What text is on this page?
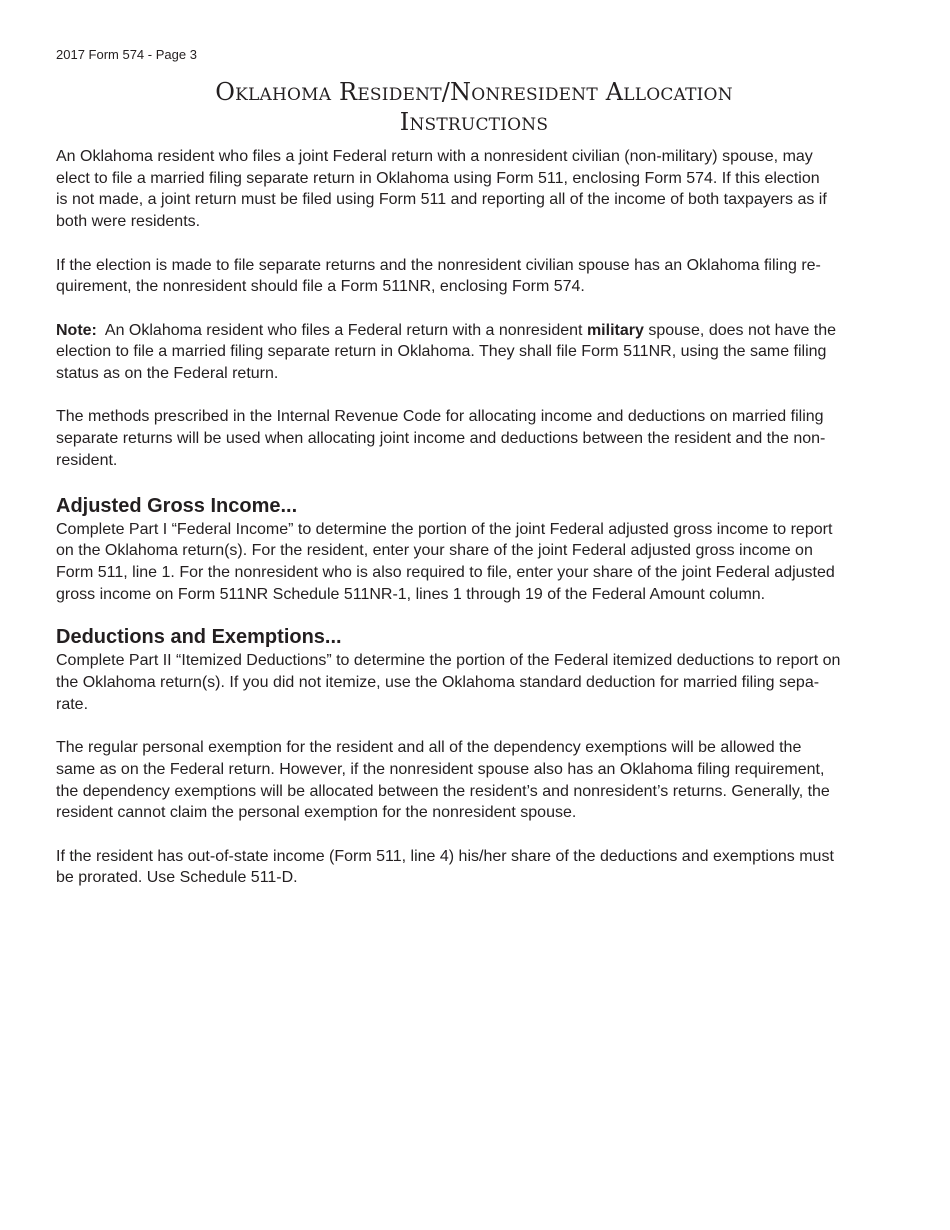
2017 Form 574 - Page 3
Oklahoma Resident/Nonresident Allocation
Instructions
An Oklahoma resident who files a joint Federal return with a nonresident civilian (non-military) spouse, may
elect to file a married filing separate return in Oklahoma using Form 511, enclosing Form 574. If this election
is not made, a joint return must be filed using Form 511 and reporting all of the income of both taxpayers as if
both were residents.
If the election is made to file separate returns and the nonresident civilian spouse has an Oklahoma filing re-
quirement, the nonresident should file a Form 511NR, enclosing Form 574.
Note: An Oklahoma resident who files a Federal return with a nonresident military spouse, does not have the
election to file a married filing separate return in Oklahoma. They shall file Form 511NR, using the same filing
status as on the Federal return.
The methods prescribed in the Internal Revenue Code for allocating income and deductions on married filing
separate returns will be used when allocating joint income and deductions between the resident and the non-
resident.
Adjusted Gross Income...
Complete Part I “Federal Income” to determine the portion of the joint Federal adjusted gross income to report
on the Oklahoma return(s). For the resident, enter your share of the joint Federal adjusted gross income on
Form 511, line 1. For the nonresident who is also required to file, enter your share of the joint Federal adjusted
gross income on Form 511NR Schedule 511NR-1, lines 1 through 19 of the Federal Amount column.
Deductions and Exemptions...
Complete Part II “Itemized Deductions” to determine the portion of the Federal itemized deductions to report on
the Oklahoma return(s). If you did not itemize, use the Oklahoma standard deduction for married filing sepa-
rate.
The regular personal exemption for the resident and all of the dependency exemptions will be allowed the
same as on the Federal return. However, if the nonresident spouse also has an Oklahoma filing requirement,
the dependency exemptions will be allocated between the resident’s and nonresident’s returns. Generally, the
resident cannot claim the personal exemption for the nonresident spouse.
If the resident has out-of-state income (Form 511, line 4) his/her share of the deductions and exemptions must
be prorated. Use Schedule 511-D.
